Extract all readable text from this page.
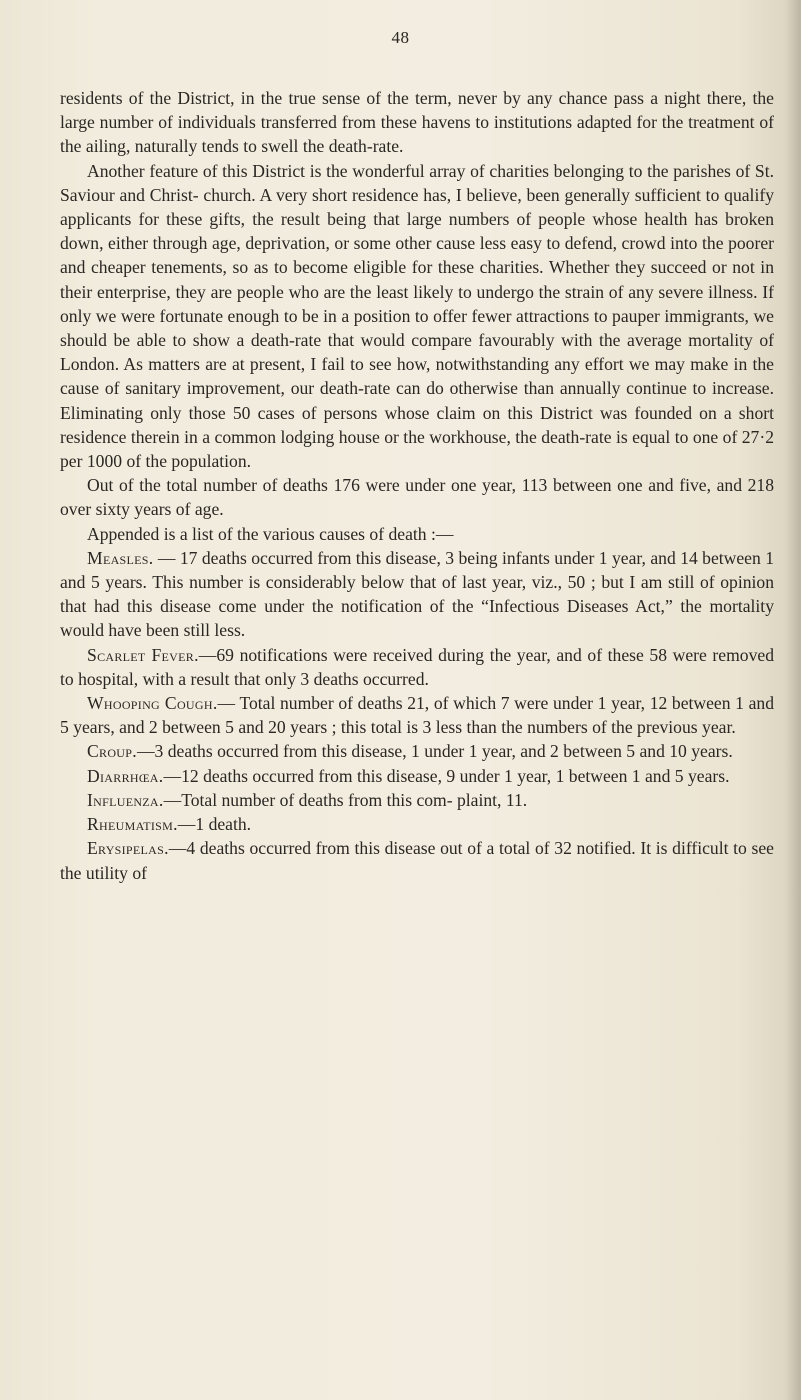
48

residents of the District, in the true sense of the term, never by any chance pass a night there, the large number of individuals transferred from these havens to institutions adapted for the treatment of the ailing, naturally tends to swell the death-rate.

Another feature of this District is the wonderful array of charities belonging to the parishes of St. Saviour and Christ- church. A very short residence has, I believe, been generally sufficient to qualify applicants for these gifts, the result being that large numbers of people whose health has broken down, either through age, deprivation, or some other cause less easy to defend, crowd into the poorer and cheaper tenements, so as to become eligible for these charities. Whether they succeed or not in their enterprise, they are people who are the least likely to undergo the strain of any severe illness. If only we were fortunate enough to be in a position to offer fewer attractions to pauper immigrants, we should be able to show a death-rate that would compare favourably with the average mortality of London. As matters are at present, I fail to see how, notwithstanding any effort we may make in the cause of sanitary improvement, our death-rate can do otherwise than annually continue to increase. Eliminating only those 50 cases of persons whose claim on this District was founded on a short residence therein in a common lodging house or the workhouse, the death-rate is equal to one of 27·2 per 1000 of the population.

Out of the total number of deaths 176 were under one year, 113 between one and five, and 218 over sixty years of age.

Appended is a list of the various causes of death :—

Measles. — 17 deaths occurred from this disease, 3 being infants under 1 year, and 14 between 1 and 5 years. This number is considerably below that of last year, viz., 50 ; but I am still of opinion that had this disease come under the notification of the “Infectious Diseases Act,” the mortality would have been still less.

Scarlet Fever.—69 notifications were received during the year, and of these 58 were removed to hospital, with a result that only 3 deaths occurred.

Whooping Cough.— Total number of deaths 21, of which 7 were under 1 year, 12 between 1 and 5 years, and 2 between 5 and 20 years ; this total is 3 less than the numbers of the previous year.

Croup.—3 deaths occurred from this disease, 1 under 1 year, and 2 between 5 and 10 years.

Diarrhœa.—12 deaths occurred from this disease, 9 under 1 year, 1 between 1 and 5 years.

Influenza.—Total number of deaths from this com- plaint, 11.

Rheumatism.—1 death.

Erysipelas.—4 deaths occurred from this disease out of a total of 32 notified. It is difficult to see the utility of
